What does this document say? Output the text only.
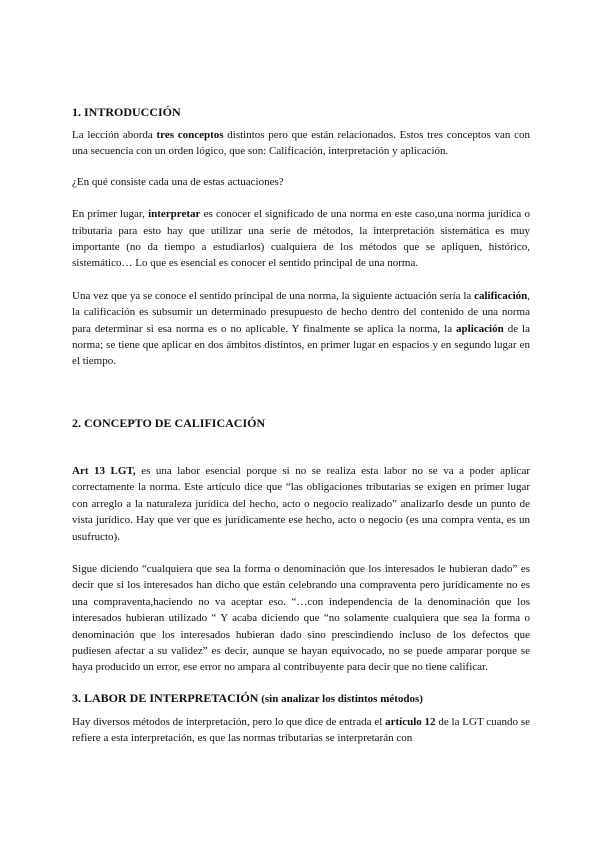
1. INTRODUCCIÓN

La lección aborda tres conceptos distintos pero que están relacionados. Estos tres conceptos van con una secuencia con un orden lógico, que son: Calificación, interpretación y aplicación.

¿En qué consiste cada una de estas actuaciones?

En primer lugar, interpretar es conocer el significado de una norma en este caso,una norma jurídica o tributaria para esto hay que utilizar una serie de métodos, la interpretación sistemática es muy importante (no da tiempo a estudiarlos) cualquiera de los métodos que se apliquen, histórico, sistemático… Lo que es esencial es conocer el sentido principal de una norma.

Una vez que ya se conoce el sentido principal de una norma, la siguiente actuación sería la calificación, la calificación es subsumir un determinado presupuesto de hecho dentro del contenido de una norma para determinar si esa norma es o no aplicable. Y finalmente se aplica la norma, la aplicación de la norma; se tiene que aplicar en dos ámbitos distintos, en primer lugar en espacios y en segundo lugar en el tiempo.

2. CONCEPTO DE CALIFICACIÓN

Art 13 LGT, es una labor esencial porque si no se realiza esta labor no se va a poder aplicar correctamente la norma. Este artículo dice que “las obligaciones tributarias se exigen en primer lugar con arreglo a la naturaleza jurídica del hecho, acto o negocio realizado” analizarlo desde un punto de vista jurídico. Hay que ver que es jurídicamente ese hecho, acto o negocio (es una compra venta, es un usufructo).

Sigue diciendo “cualquiera que sea la forma o denominación que los interesados le hubieran dado” es decir que si los interesados han dicho que están celebrando una compraventa pero jurídicamente no es una compraventa,haciendo no va aceptar eso. “…con independencia de la denominación que los interesados hubieran utilizado “ Y acaba diciendo que “no solamente cualquiera que sea la forma o denominación que los interesados hubieran dado sino prescindiendo incluso de los defectos que pudiesen afectar a su validez” es decir, aunque se hayan equivocado, no se puede amparar porque se haya producido un error, ese error no ampara al contribuyente para decir que no tiene calificar.

3. LABOR DE INTERPRETACIÓN (sin analizar los distintos métodos)

Hay diversos métodos de interpretación, pero lo que dice de entrada el artículo 12 de la LGT cuando se refiere a esta interpretación, es que las normas tributarias se interpretarán con
